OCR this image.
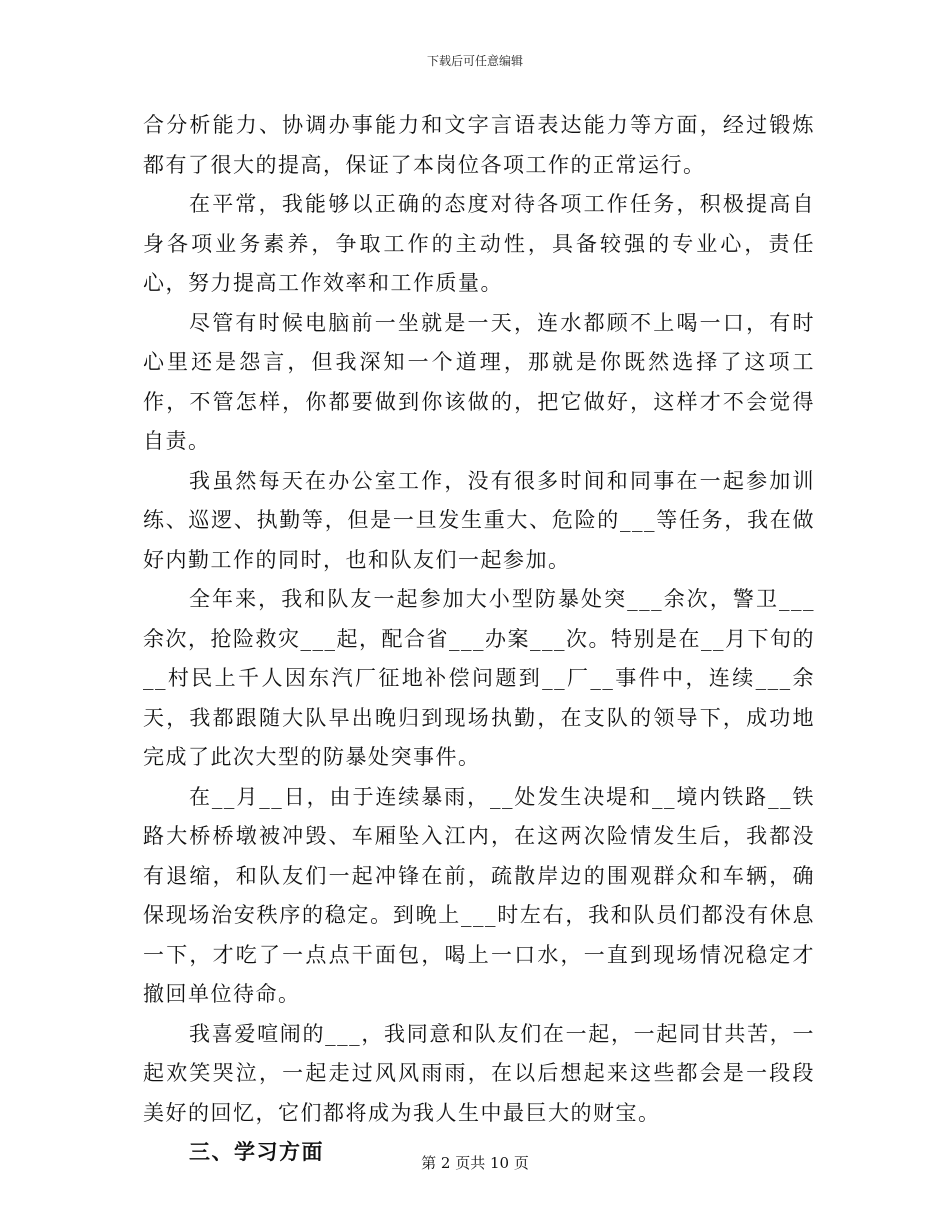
下载后可任意编辑

合分析能力、协调办事能力和文字言语表达能力等方面，经过锻炼都有了很大的提高，保证了本岗位各项工作的正常运行。

在平常，我能够以正确的态度对待各项工作任务，积极提高自身各项业务素养，争取工作的主动性，具备较强的专业心，责任心，努力提高工作效率和工作质量。

尽管有时候电脑前一坐就是一天，连水都顾不上喝一口，有时心里还是怨言，但我深知一个道理，那就是你既然选择了这项工作，不管怎样，你都要做到你该做的，把它做好，这样才不会觉得自责。

我虽然每天在办公室工作，没有很多时间和同事在一起参加训练、巡逻、执勤等，但是一旦发生重大、危险的___等任务，我在做好内勤工作的同时，也和队友们一起参加。

全年来，我和队友一起参加大小型防暴处突___余次，警卫___余次，抢险救灾___起，配合省___办案___次。特别是在__月下旬的__村民上千人因东汽厂征地补偿问题到__厂__事件中，连续___余天，我都跟随大队早出晚归到现场执勤，在支队的领导下，成功地完成了此次大型的防暴处突事件。

在__月__日，由于连续暴雨，__处发生决堤和__境内铁路__铁路大桥桥墩被冲毁、车厢坠入江内，在这两次险情发生后，我都没有退缩，和队友们一起冲锋在前，疏散岸边的围观群众和车辆，确保现场治安秩序的稳定。到晚上___时左右，我和队员们都没有休息一下，才吃了一点点干面包，喝上一口水，一直到现场情况稳定才撤回单位待命。

我喜爱喧闹的___，我同意和队友们在一起，一起同甘共苦，一起欢笑哭泣，一起走过风风雨雨，在以后想起来这些都会是一段段美好的回忆，它们都将成为我人生中最巨大的财宝。

三、学习方面	第 2 页共 10 页
